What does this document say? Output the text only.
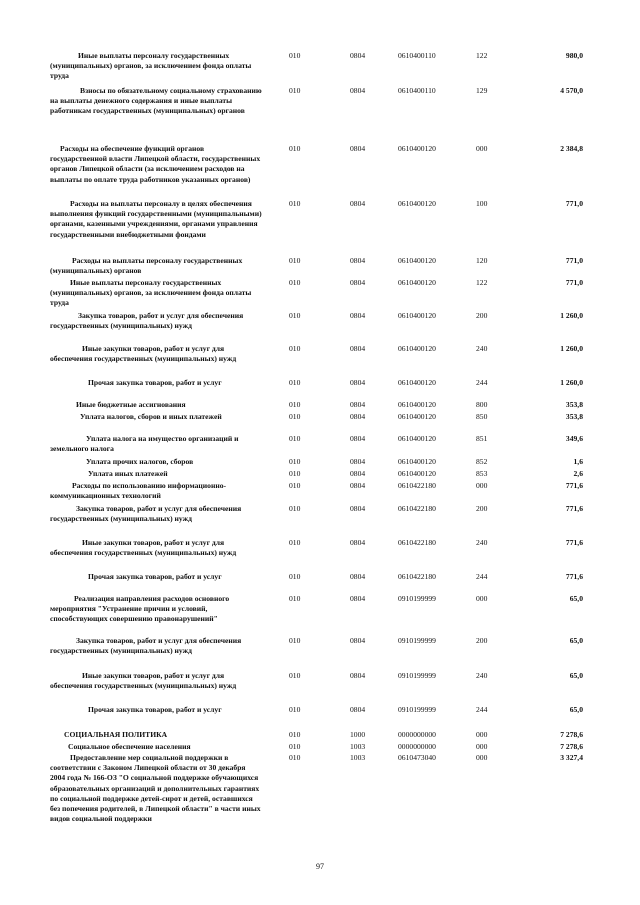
Иные выплаты персоналу государственных (муниципальных) органов, за исключением фонда оплаты труда
010	0804	0610400110	122	980,0
Взносы по обязательному социальному страхованию на выплаты денежного содержания и иные выплаты работникам государственных (муниципальных) органов
010	0804	0610400110	129	4 570,0
Расходы на обеспечение функций органов государственной власти Липецкой области, государственных органов Липецкой области (за исключением расходов на выплаты по оплате труда работников указанных органов)
010	0804	0610400120	000	2 384,8
Расходы на выплаты персоналу в целях обеспечения выполнения функций государственными (муниципальными) органами, казенными учреждениями, органами управления государственными внебюджетными фондами
010	0804	0610400120	100	771,0
Расходы на выплаты персоналу государственных (муниципальных) органов
010	0804	0610400120	120	771,0
Иные выплаты персоналу государственных (муниципальных) органов, за исключением фонда оплаты труда
010	0804	0610400120	122	771,0
Закупка товаров, работ и услуг для обеспечения государственных (муниципальных) нужд
010	0804	0610400120	200	1 260,0
Иные закупки товаров, работ и услуг для обеспечения государственных (муниципальных) нужд
010	0804	0610400120	240	1 260,0
Прочая закупка товаров, работ и услуг	010	0804	0610400120	244	1 260,0
Иные бюджетные ассигнования	010	0804	0610400120	800	353,8
Уплата налогов, сборов и иных платежей	010	0804	0610400120	850	353,8
Уплата налога на имущество организаций и земельного налога
010	0804	0610400120	851	349,6
Уплата прочих налогов, сборов	010	0804	0610400120	852	1,6
Уплата иных платежей	010	0804	0610400120	853	2,6
Расходы по использованию информационно-коммуникационных технологий
010	0804	0610422180	000	771,6
Закупка товаров, работ и услуг для обеспечения государственных (муниципальных) нужд
010	0804	0610422180	200	771,6
Иные закупки товаров, работ и услуг для обеспечения государственных (муниципальных) нужд
010	0804	0610422180	240	771,6
Прочая закупка товаров, работ и услуг	010	0804	0610422180	244	771,6
Реализация направления расходов основного мероприятия "Устранение причин и условий, способствующих совершению правонарушений"
010	0804	0910199999	000	65,0
Закупка товаров, работ и услуг для обеспечения государственных (муниципальных) нужд
010	0804	0910199999	200	65,0
Иные закупки товаров, работ и услуг для обеспечения государственных (муниципальных) нужд
010	0804	0910199999	240	65,0
Прочая закупка товаров, работ и услуг	010	0804	0910199999	244	65,0
СОЦИАЛЬНАЯ ПОЛИТИКА	010	1000	0000000000	000	7 278,6
Социальное обеспечение населения	010	1003	0000000000	000	7 278,6
Предоставление мер социальной поддержки в соответствии с Законом Липецкой области от 30 декабря 2004 года № 166-ОЗ "О социальной поддержке обучающихся образовательных организаций и дополнительных гарантиях по социальной поддержке детей-сирот и детей, оставшихся без попечения родителей, в Липецкой области" в части иных видов социальной поддержки
010	1003	0610473040	000	3 327,4
97
